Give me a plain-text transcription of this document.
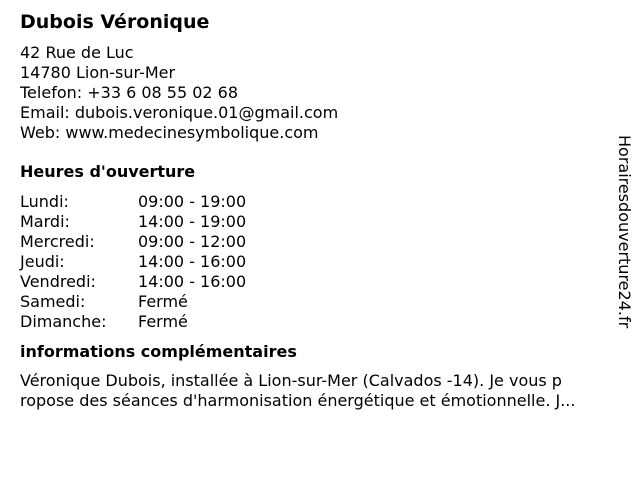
Dubois Véronique
42 Rue de Luc
14780 Lion-sur-Mer
Telefon: +33 6 08 55 02 68
Email: dubois.veronique.01@gmail.com
Web: www.medecinesymbolique.com
Heures d'ouverture
Lundi:	09:00 - 19:00
Mardi:	14:00 - 19:00
Mercredi:	09:00 - 12:00
Jeudi:	14:00 - 16:00
Vendredi:	14:00 - 16:00
Samedi:	Fermé
Dimanche:	Fermé
informations complémentaires
Véronique Dubois, installée à Lion-sur-Mer (Calvados -14). Je vous p
ropose des séances d'harmonisation énergétique et émotionnelle. J...
Horairesdouverture24.fr
